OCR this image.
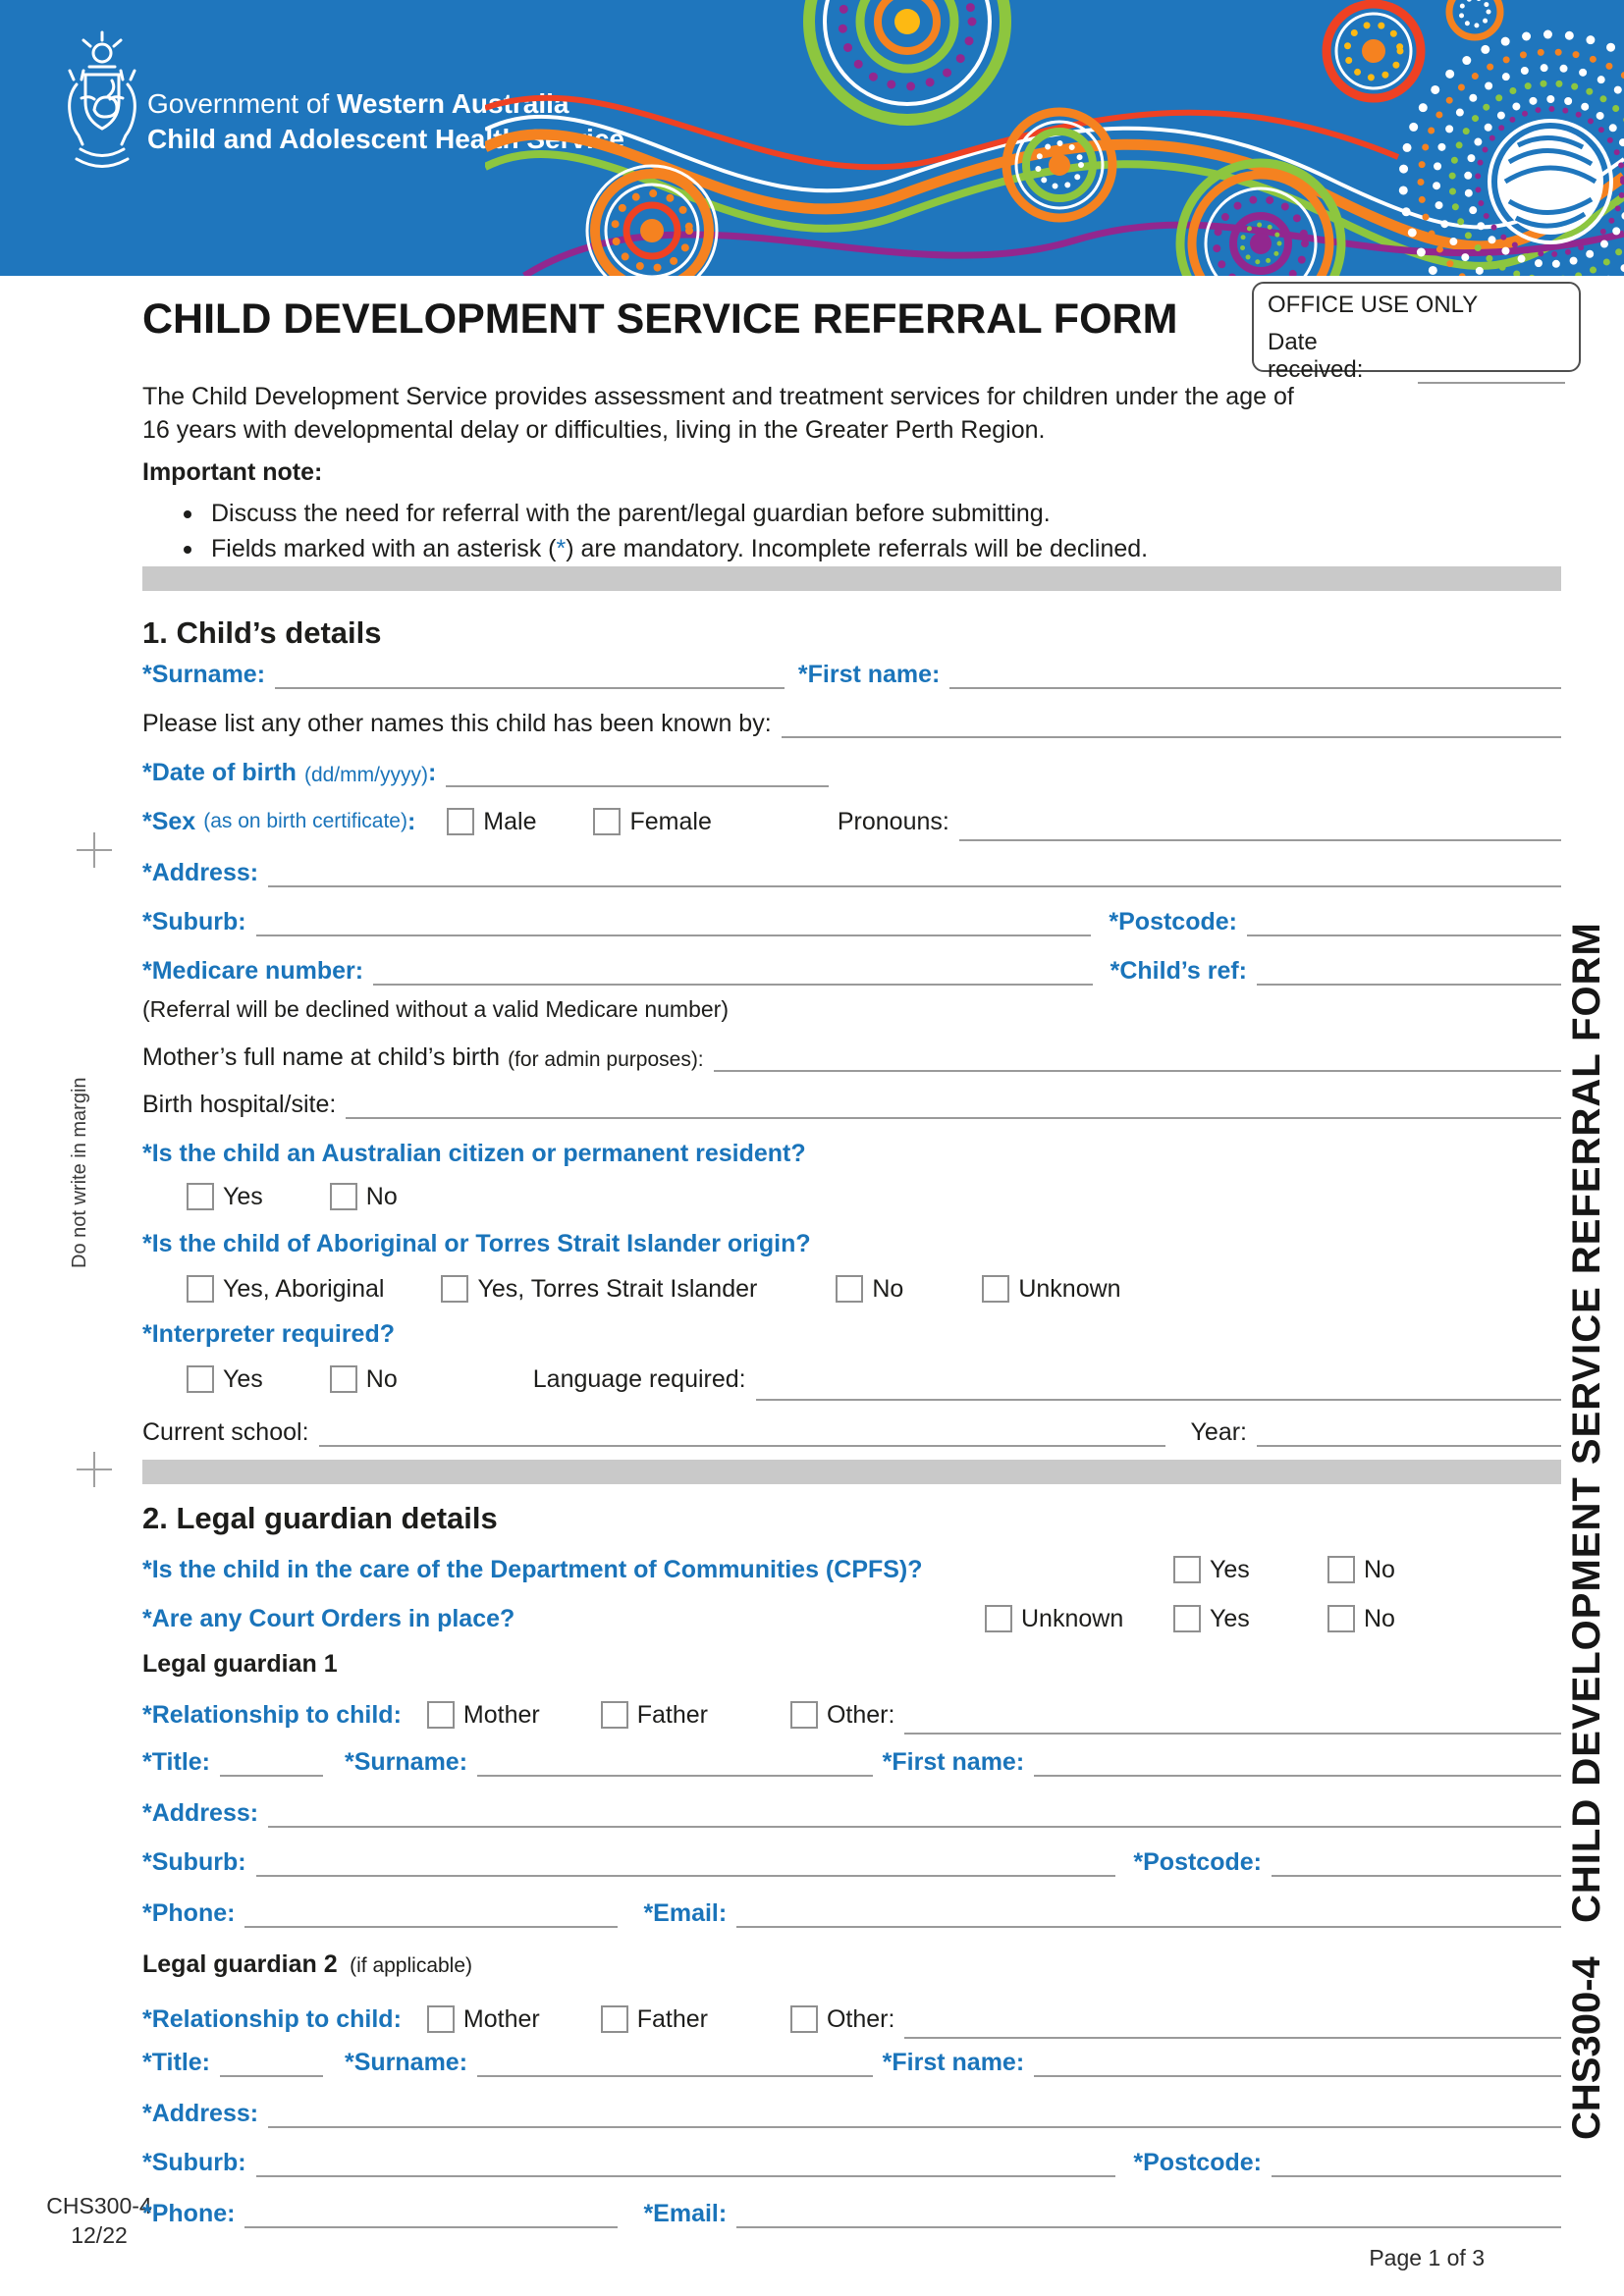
Government of Western Australia
Child and Adolescent Health Service
Do not write in margin	CHILD DEVELOPMENT SERVICE REFERRAL FORM
CHS300-4
CHS300-4
12/22
CHILD DEVELOPMENT SERVICE REFERRAL FORM	OFFICE USE ONLY
Date received:
The Child Development Service provides assessment and treatment services for children under the age of 16 years with developmental delay or difficulties, living in the Greater Perth Region.
Important note:
Discuss the need for referral with the parent/legal guardian before submitting.
Fields marked with an asterisk (*) are mandatory. Incomplete referrals will be declined.
1. Child’s details
*Surname:	*First name:
Please list any other names this child has been known by:
*Date of birth (dd/mm/yyyy) :
*Sex (as on birth certificate) :	Male	Female	Pronouns:
*Address:
*Suburb:	*Postcode:
*Medicare number:	*Child’s ref:
(Referral will be declined without a valid Medicare number)
Mother’s full name at child’s birth (for admin purposes):
Birth hospital/site:
*Is the child an Australian citizen or permanent resident?
Yes	No
*Is the child of Aboriginal or Torres Strait Islander origin?
Yes, Aboriginal	Yes, Torres Strait Islander	No	Unknown
*Interpreter required?
Yes	No	Language required:
Current school:	Year:
2. Legal guardian details
*Is the child in the care of the Department of Communities (CPFS)?	Yes	No
*Are any Court Orders in place?	Unknown	Yes	No
Legal guardian 1
*Relationship to child:	Mother	Father	Other:
*Title:	*Surname:	*First name:
*Address:
*Suburb:	*Postcode:
*Phone:	*Email:
Legal guardian 2 (if applicable)
*Relationship to child:	Mother	Father	Other:
*Title:	*Surname:	*First name:
*Address:
*Suburb:	*Postcode:
*Phone:	*Email:
Page 1 of 3
